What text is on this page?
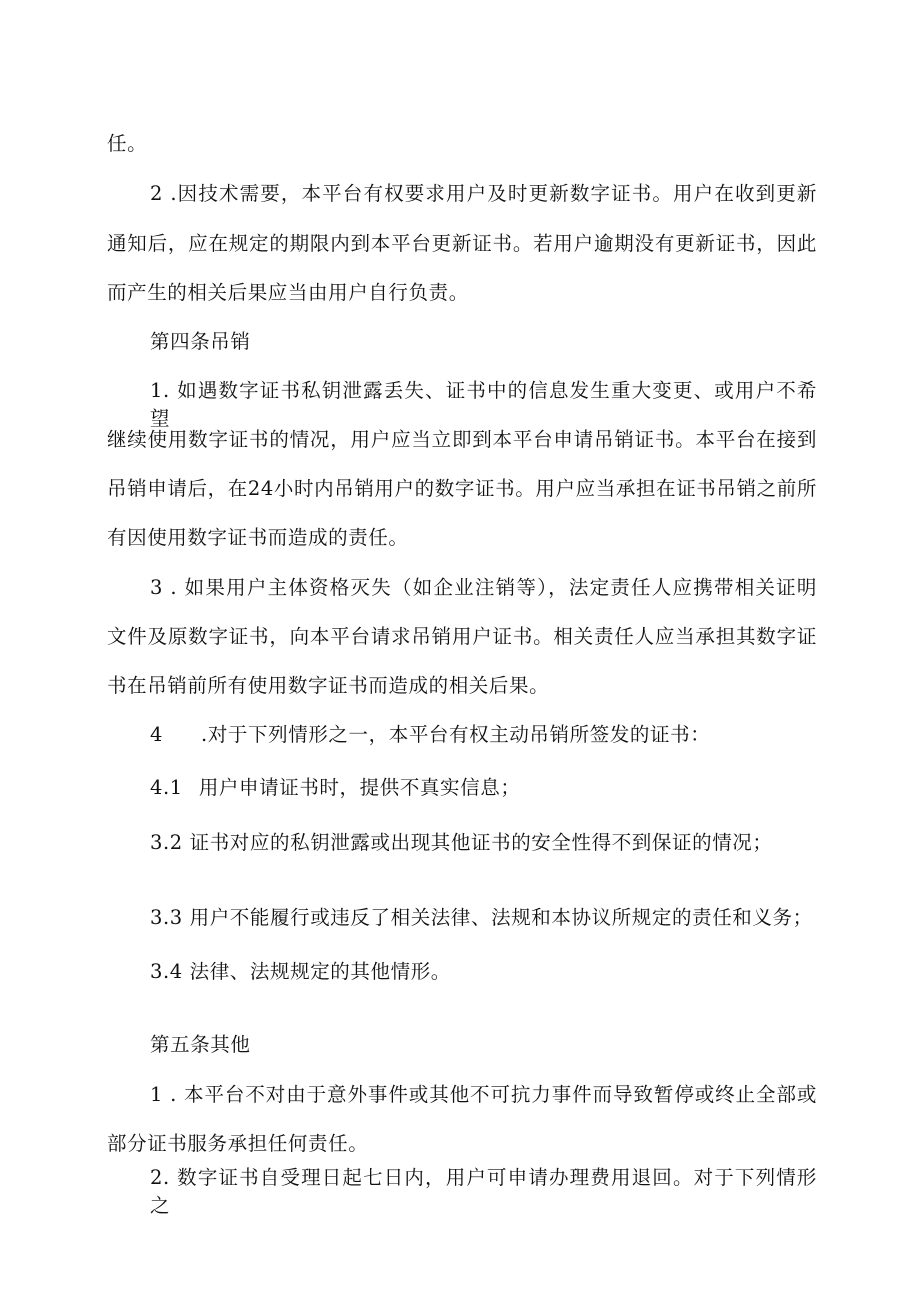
任。
2 .因技术需要，本平台有权要求用户及时更新数字证书。用户在收到更新
通知后，应在规定的期限内到本平台更新证书。若用户逾期没有更新证书，因此
而产生的相关后果应当由用户自行负责。
第四条吊销
1. 如遇数字证书私钥泄露丢失、证书中的信息发生重大变更、或用户不希望
继续使用数字证书的情况，用户应当立即到本平台申请吊销证书。本平台在接到
吊销申请后，在24小时内吊销用户的数字证书。用户应当承担在证书吊销之前所
有因使用数字证书而造成的责任。
3 . 如果用户主体资格灭失（如企业注销等），法定责任人应携带相关证明
文件及原数字证书，向本平台请求吊销用户证书。相关责任人应当承担其数字证
书在吊销前所有使用数字证书而造成的相关后果。
4 .对于下列情形之一，本平台有权主动吊销所签发的证书：
4.1 用户申请证书时，提供不真实信息；
3.2 证书对应的私钥泄露或出现其他证书的安全性得不到保证的情况；
3.3 用户不能履行或违反了相关法律、法规和本协议所规定的责任和义务；
3.4 法律、法规规定的其他情形。
第五条其他
1 . 本平台不对由于意外事件或其他不可抗力事件而导致暂停或终止全部或
部分证书服务承担任何责任。
2. 数字证书自受理日起七日内，用户可申请办理费用退回。对于下列情形之
